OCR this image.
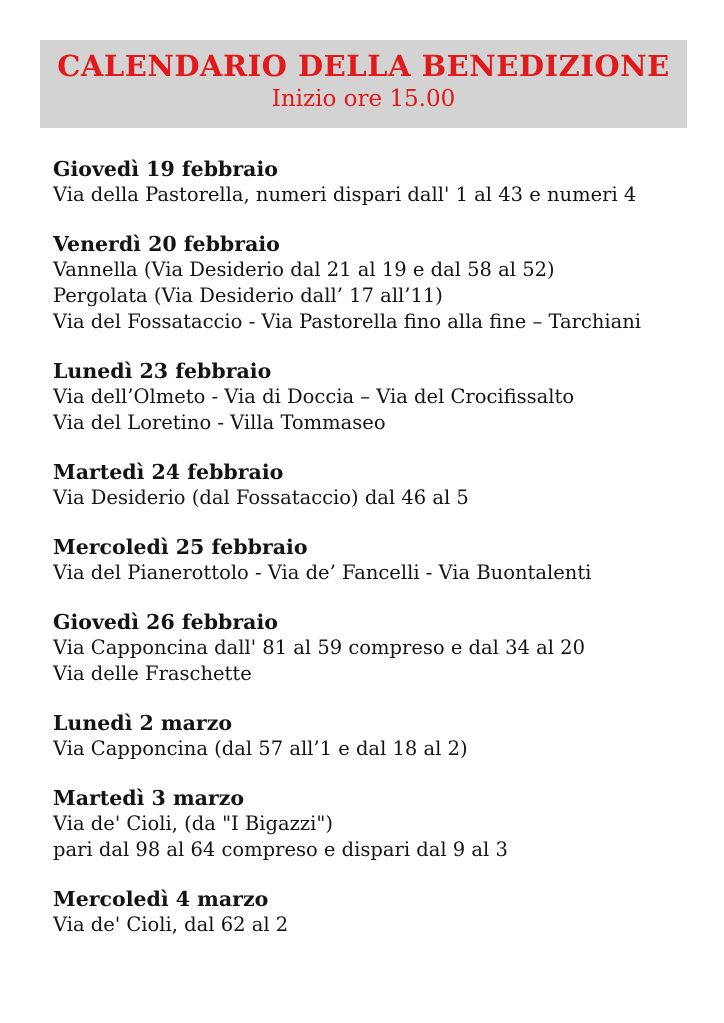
CALENDARIO DELLA BENEDIZIONE
Inizio ore 15.00
Giovedì 19 febbraio
Via della Pastorella, numeri dispari dall' 1 al 43 e numeri 4
Venerdì 20 febbraio
Vannella (Via Desiderio dal 21 al 19 e dal 58 al 52)
Pergolata (Via Desiderio dall’ 17 all’11)
Via del Fossataccio - Via Pastorella fino alla fine – Tarchiani
Lunedì 23 febbraio
Via dell’Olmeto - Via di Doccia – Via del Crocifissalto
Via del Loretino - Villa Tommaseo
Martedì 24 febbraio
Via Desiderio (dal Fossataccio) dal 46 al 5
Mercoledì 25 febbraio
Via del Pianerottolo - Via de’ Fancelli - Via Buontalenti
Giovedì 26 febbraio
Via Capponcina dall' 81 al 59 compreso e dal 34 al 20
Via delle Fraschette
Lunedì 2 marzo
Via Capponcina (dal 57 all’1 e dal 18 al 2)
Martedì 3 marzo
Via de' Cioli, (da "I Bigazzi")
pari dal 98 al 64 compreso e dispari dal 9 al 3
Mercoledì 4 marzo
Via de' Cioli, dal 62 al 2
